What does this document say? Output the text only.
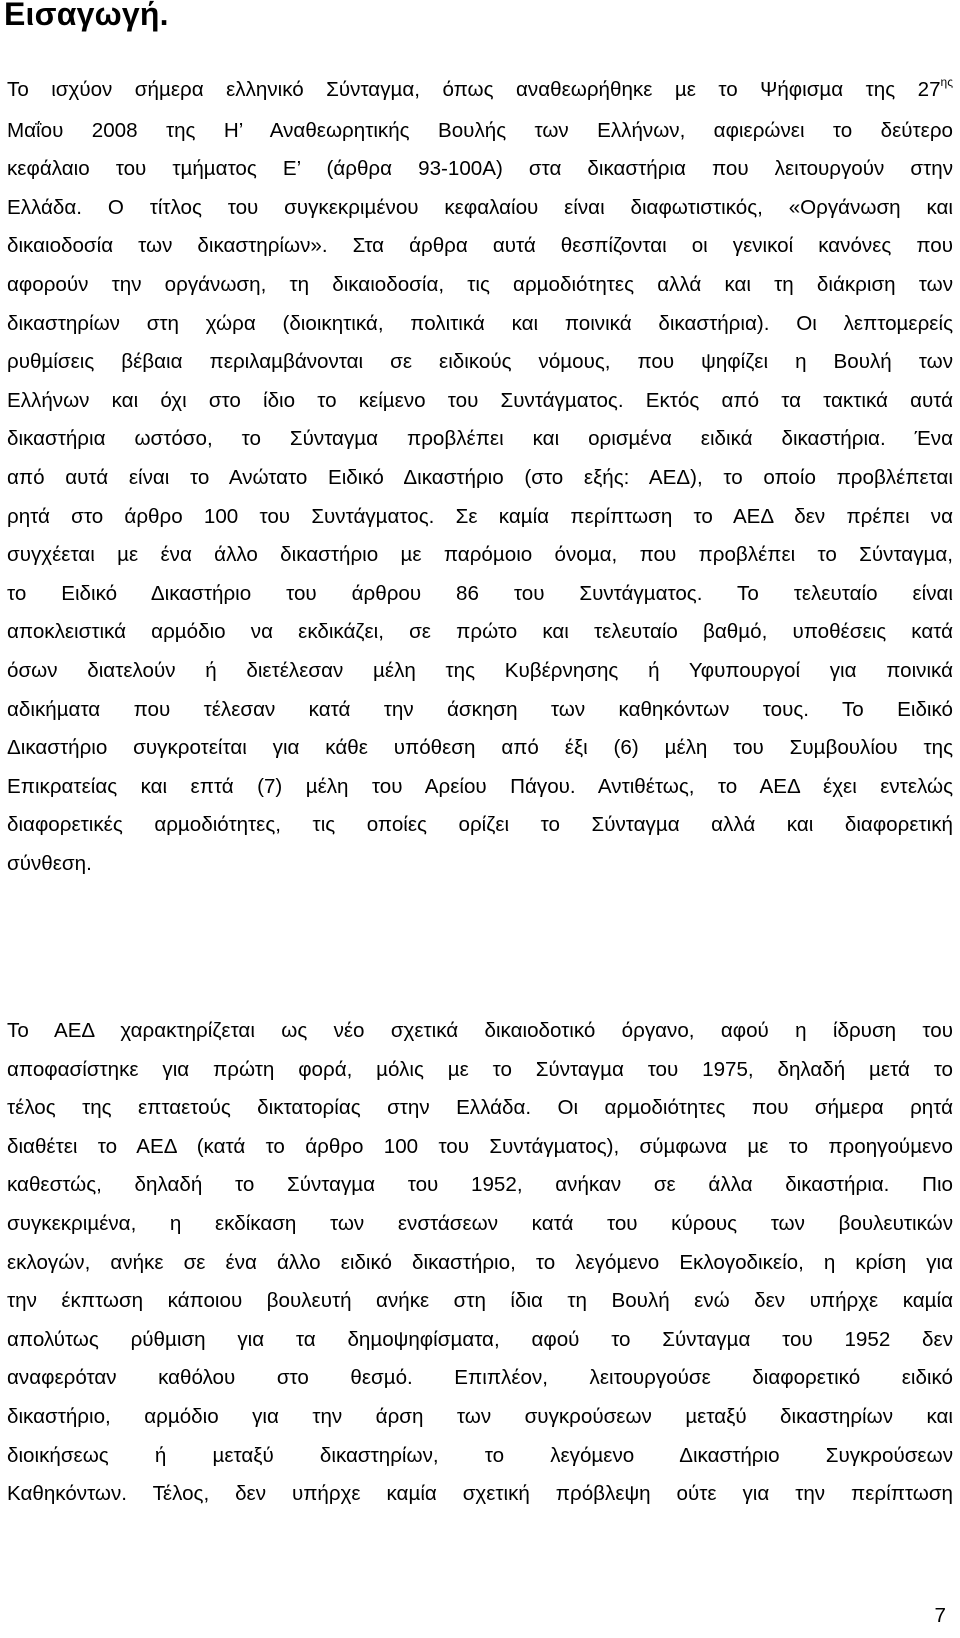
Εισαγωγή.
Το ισχύον σήµερα ελληνικό Σύνταγµα, όπως αναθεωρήθηκε µε το Ψήφισµα της $27^{\eta\varsigma}$
Μαΐου 2008 της Η’ Αναθεωρητικής Βουλής των Ελλήνων, αφιερώνει το δεύτερο
κεφάλαιο του τµήµατος Ε’ (άρθρα 93-100Α) στα δικαστήρια που λειτουργούν στην
Ελλάδα. Ο τίτλος του συγκεκριµένου κεφαλαίου είναι διαφωτιστικός, «Οργάνωση και
δικαιοδοσία των δικαστηρίων». Στα άρθρα αυτά θεσπίζονται οι γενικοί κανόνες που
αφορούν την οργάνωση, τη δικαιοδοσία, τις αρµοδιότητες αλλά και τη διάκριση των
δικαστηρίων στη χώρα (διοικητικά, πολιτικά και ποινικά δικαστήρια). Οι λεπτοµερείς
ρυθµίσεις βέβαια περιλαµβάνονται σε ειδικούς νόµους, που ψηφίζει η Βουλή των
Ελλήνων και όχι στο ίδιο το κείµενο του Συντάγµατος. Εκτός από τα τακτικά αυτά
δικαστήρια ωστόσο, το Σύνταγµα προβλέπει και ορισµένα ειδικά δικαστήρια. Ένα
από αυτά είναι το Ανώτατο Ειδικό Δικαστήριο (στο εξής: ΑΕΔ), το οποίο προβλέπεται
ρητά στο άρθρο 100 του Συντάγµατος. Σε καµία περίπτωση το ΑΕΔ δεν πρέπει να
συγχέεται µε ένα άλλο δικαστήριο µε παρόµοιο όνοµα, που προβλέπει το Σύνταγµα,
το Ειδικό Δικαστήριο του άρθρου 86 του Συντάγµατος. Το τελευταίο είναι
αποκλειστικά αρµόδιο να εκδικάζει, σε πρώτο και τελευταίο βαθµό, υποθέσεις κατά
όσων διατελούν ή διετέλεσαν µέλη της Κυβέρνησης ή Υφυπουργοί για ποινικά
αδικήµατα που τέλεσαν κατά την άσκηση των καθηκόντων τους. Το Ειδικό
Δικαστήριο συγκροτείται για κάθε υπόθεση από έξι (6) µέλη του Συµβουλίου της
Επικρατείας και επτά (7) µέλη του Αρείου Πάγου. Αντιθέτως, το ΑΕΔ έχει εντελώς
διαφορετικές αρµοδιότητες, τις οποίες ορίζει το Σύνταγµα αλλά και διαφορετική
σύνθεση.
Το ΑΕΔ χαρακτηρίζεται ως νέο σχετικά δικαιοδοτικό όργανο, αφού η ίδρυση του
αποφασίστηκε για πρώτη φορά, µόλις µε το Σύνταγµα του 1975, δηλαδή µετά το
τέλος της επταετούς δικτατορίας στην Ελλάδα. Οι αρµοδιότητες που σήµερα ρητά
διαθέτει το ΑΕΔ (κατά το άρθρο 100 του Συντάγµατος), σύµφωνα µε το προηγούµενο
καθεστώς, δηλαδή το Σύνταγµα του 1952, ανήκαν σε άλλα δικαστήρια. Πιο
συγκεκριµένα, η εκδίκαση των ενστάσεων κατά του κύρους των βουλευτικών
εκλογών, ανήκε σε ένα άλλο ειδικό δικαστήριο, το λεγόµενο Εκλογοδικείο, η κρίση για
την έκπτωση κάποιου βουλευτή ανήκε στη ίδια τη Βουλή ενώ δεν υπήρχε καµία
απολύτως ρύθµιση για τα δηµοψηφίσµατα, αφού το Σύνταγµα του 1952 δεν
αναφερόταν καθόλου στο θεσµό. Επιπλέον, λειτουργούσε διαφορετικό ειδικό
δικαστήριο, αρµόδιο για την άρση των συγκρούσεων µεταξύ δικαστηρίων και
διοικήσεως ή µεταξύ δικαστηρίων, το λεγόµενο Δικαστήριο Συγκρούσεων
Καθηκόντων. Τέλος, δεν υπήρχε καµία σχετική πρόβλεψη ούτε για την περίπτωση
7
